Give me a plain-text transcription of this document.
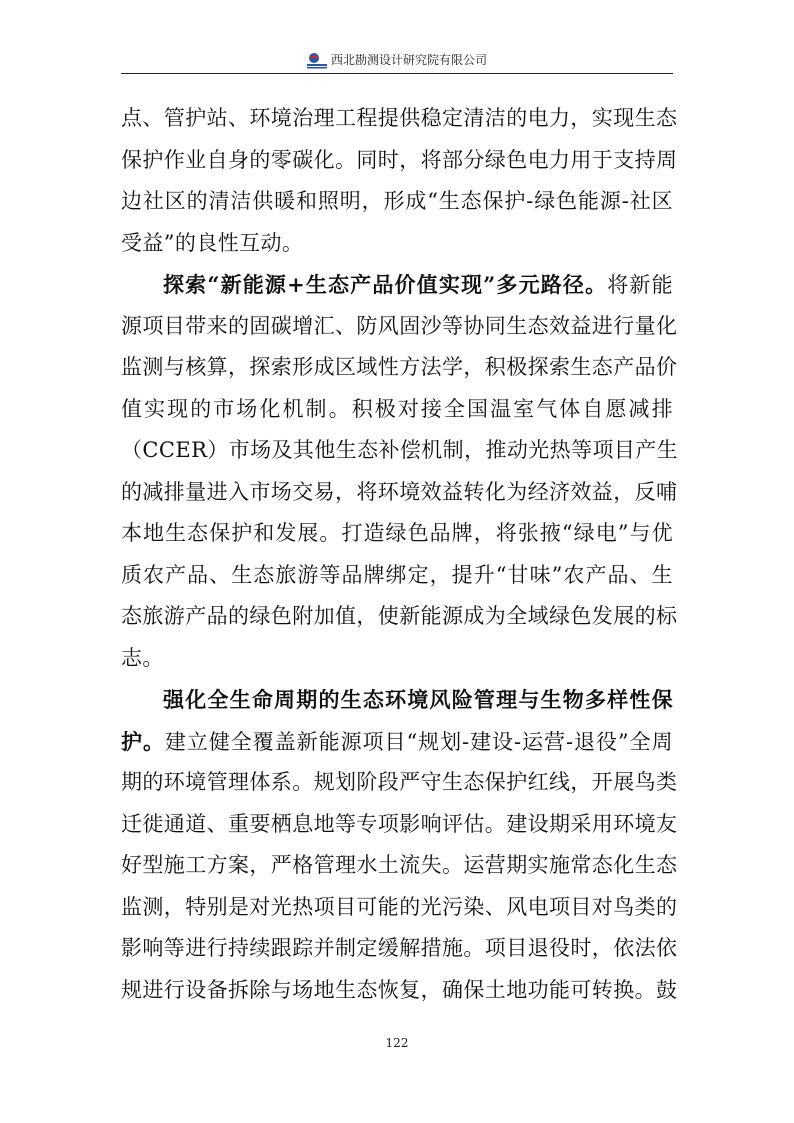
西北勘测设计研究院有限公司
点、管护站、环境治理工程提供稳定清洁的电力，实现生态
保护作业自身的零碳化。同时，将部分绿色电力用于支持周
边社区的清洁供暖和照明，形成“生态保护-绿色能源-社区
受益”的良性互动。
探索“新能源+生态产品价值实现”多元路径。将新能
源项目带来的固碳增汇、防风固沙等协同生态效益进行量化
监测与核算，探索形成区域性方法学，积极探索生态产品价
值实现的市场化机制。积极对接全国温室气体自愿减排
（CCER）市场及其他生态补偿机制，推动光热等项目产生
的减排量进入市场交易，将环境效益转化为经济效益，反哺
本地生态保护和发展。打造绿色品牌，将张掖“绿电”与优
质农产品、生态旅游等品牌绑定，提升“甘味”农产品、生
态旅游产品的绿色附加值，使新能源成为全域绿色发展的标
志。
强化全生命周期的生态环境风险管理与生物多样性保
护。建立健全覆盖新能源项目“规划-建设-运营-退役”全周
期的环境管理体系。规划阶段严守生态保护红线，开展鸟类
迁徙通道、重要栖息地等专项影响评估。建设期采用环境友
好型施工方案，严格管理水土流失。运营期实施常态化生态
监测，特别是对光热项目可能的光污染、风电项目对鸟类的
影响等进行持续跟踪并制定缓解措施。项目退役时，依法依
规进行设备拆除与场地生态恢复，确保土地功能可转换。鼓
122
